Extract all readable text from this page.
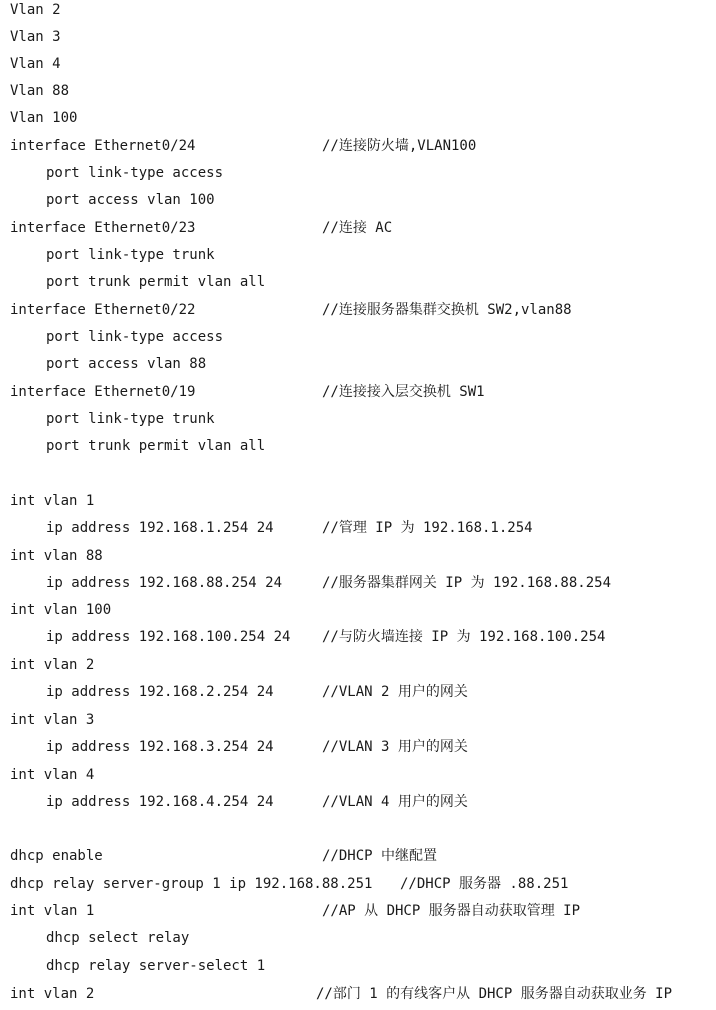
Vlan 2
Vlan 3
Vlan 4
Vlan 88
Vlan 100
interface Ethernet0/24	//连接防火墙,VLAN100
port link-type access
port access vlan 100
interface Ethernet0/23	//连接 AC
port link-type trunk
port trunk permit vlan all
interface Ethernet0/22	//连接服务器集群交换机 SW2,vlan88
port link-type access
port access vlan 88
interface Ethernet0/19	//连接接入层交换机 SW1
port link-type trunk
port trunk permit vlan all
int vlan 1
ip address 192.168.1.254 24	//管理 IP 为 192.168.1.254
int vlan 88
ip address 192.168.88.254 24	//服务器集群网关 IP 为 192.168.88.254
int vlan 100
ip address 192.168.100.254 24 //与防火墙连接 IP 为 192.168.100.254
int vlan 2
ip address 192.168.2.254 24	//VLAN 2 用户的网关
int vlan 3
ip address 192.168.3.254 24	//VLAN 3 用户的网关
int vlan 4
ip address 192.168.4.254 24	//VLAN 4 用户的网关
dhcp enable	//DHCP 中继配置
dhcp relay server-group 1 ip 192.168.88.251 //DHCP 服务器 .88.251
int vlan 1	//AP 从 DHCP 服务器自动获取管理 IP
dhcp select relay
dhcp relay server-select 1
int vlan 2	//部门 1 的有线客户从 DHCP 服务器自动获取业务 IP
